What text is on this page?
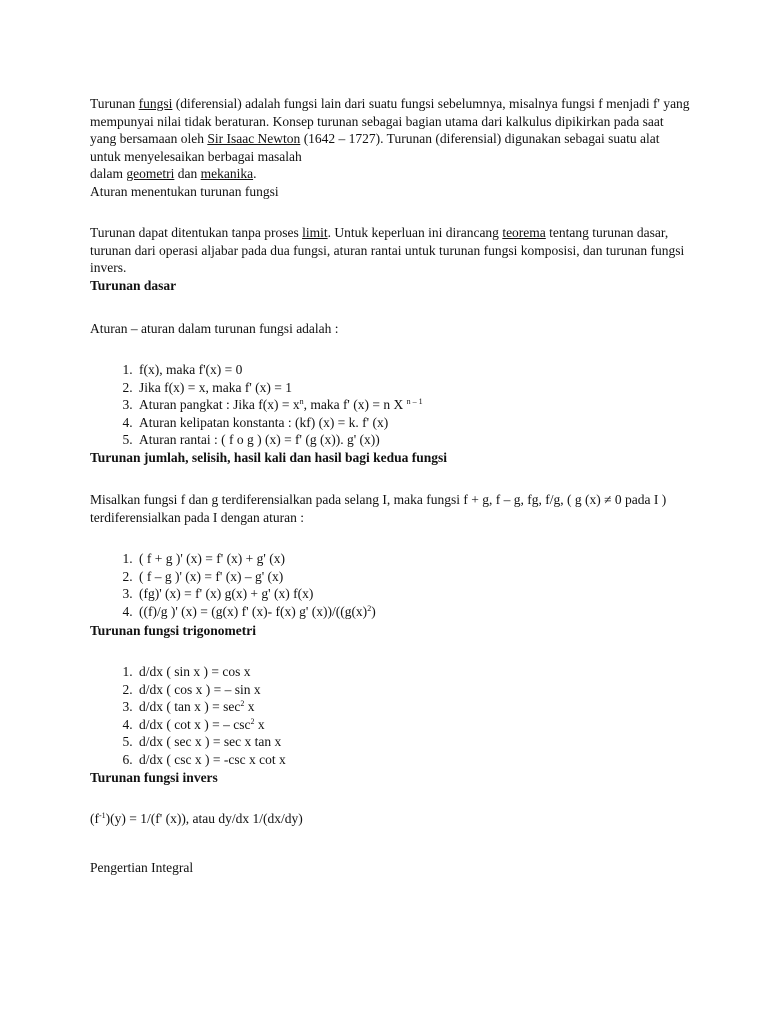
Turunan fungsi (diferensial) adalah fungsi lain dari suatu fungsi sebelumnya, misalnya fungsi f menjadi f' yang mempunyai nilai tidak beraturan. Konsep turunan sebagai bagian utama dari kalkulus dipikirkan pada saat yang bersamaan oleh Sir Isaac Newton (1642 – 1727). Turunan (diferensial) digunakan sebagai suatu alat untuk menyelesaikan berbagai masalah
dalam geometri dan mekanika.
Aturan menentukan turunan fungsi
Turunan dapat ditentukan tanpa proses limit. Untuk keperluan ini dirancang teorema tentang turunan dasar, turunan dari operasi aljabar pada dua fungsi, aturan rantai untuk turunan fungsi komposisi, dan turunan fungsi invers.
Turunan dasar
Aturan – aturan dalam turunan fungsi adalah :
1. f(x), maka f'(x) = 0
2. Jika f(x) = x, maka f' (x) = 1
3. Aturan pangkat : Jika $f(x) = x^n$, maka f' (x) = n X $^{n - 1}$
4. Aturan kelipatan konstanta : (kf) (x) = k. f' (x)
5. Aturan rantai : ( f o g ) (x) = f' (g (x)). g' (x))
Turunan jumlah, selisih, hasil kali dan hasil bagi kedua fungsi
Misalkan fungsi f dan g terdiferensialkan pada selang I, maka fungsi f + g, f – g, fg, f/g, ( g (x) ≠ 0 pada I ) terdiferensialkan pada I dengan aturan :
1. ( f + g )' (x) = f' (x) + g' (x)
2. ( f – g )' (x) = f' (x) – g' (x)
3. (fg)' (x) = f' (x) g(x) + g' (x) f(x)
4. ((f)/g )' (x) = (g(x) f' (x)- f(x) g' $(x))/((g(x)^2)$
Turunan fungsi trigonometri
1. d/dx ( sin x ) = cos x
2. d/dx ( cos x ) = – sin x
3. d/dx ( tan x ) = $\sec^2 x$
4. d/dx ( cot x ) = – $\csc^2 x$
5. d/dx ( sec x ) = sec x tan x
6. d/dx ( csc x ) = -csc x cot x
Turunan fungsi invers
$(f^{-1})(y) = 1/(f'$ (x)), atau dy/dx 1/(dx/dy)
Pengertian Integral
